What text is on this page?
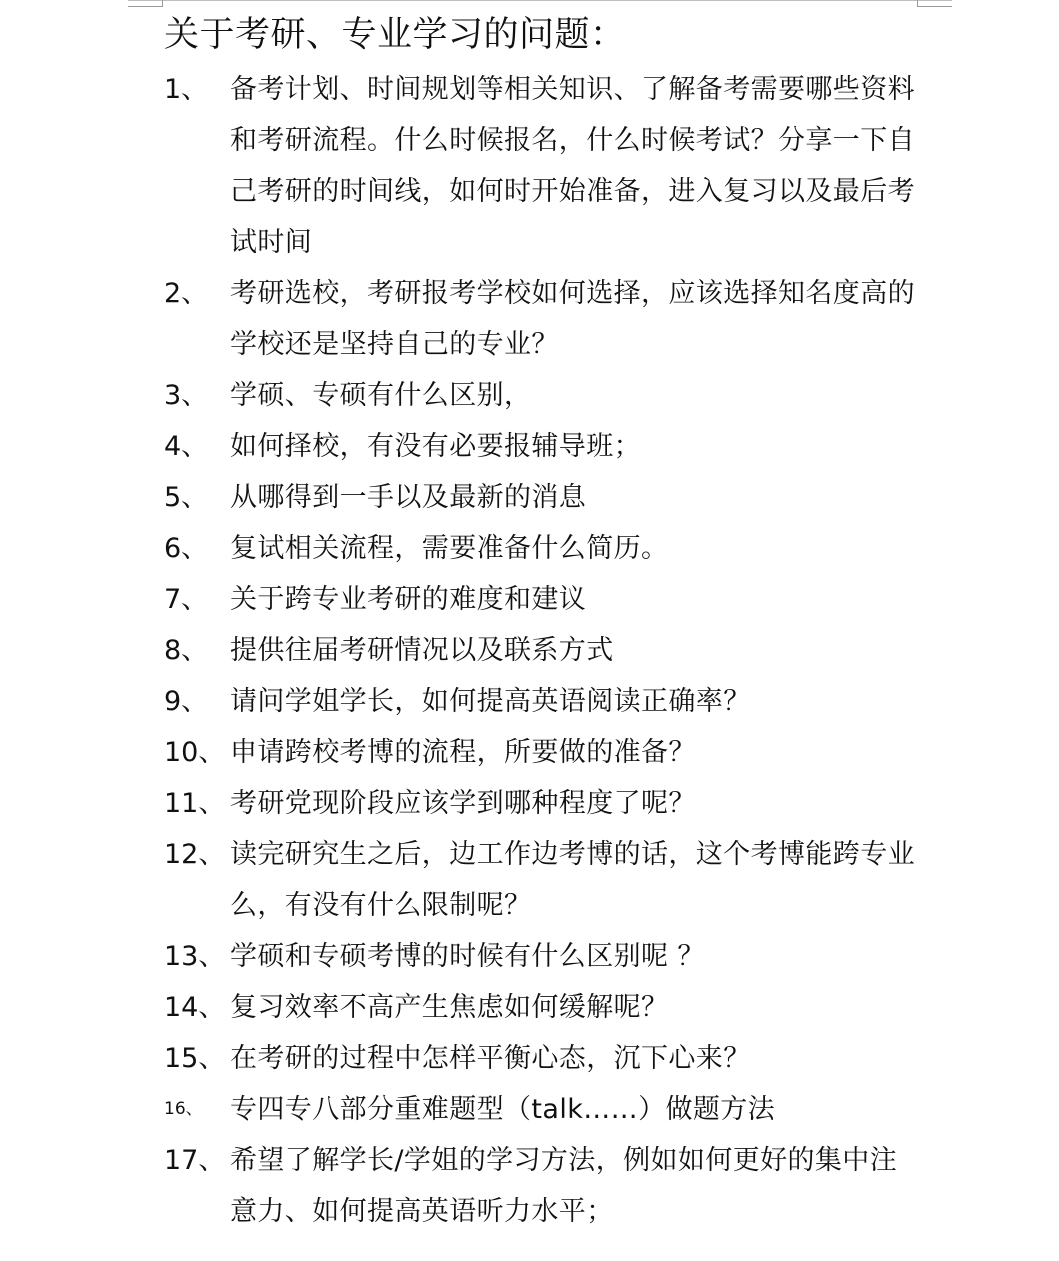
关于考研、专业学习的问题：
1、 备考计划、时间规划等相关知识、了解备考需要哪些资料和考研流程。什么时候报名，什么时候考试？分享一下自己考研的时间线，如何时开始准备，进入复习以及最后考试时间
2、 考研选校，考研报考学校如何选择，应该选择知名度高的学校还是坚持自己的专业？
3、 学硕、专硕有什么区别，
4、 如何择校，有没有必要报辅导班；
5、 从哪得到一手以及最新的消息
6、 复试相关流程，需要准备什么简历。
7、 关于跨专业考研的难度和建议
8、 提供往届考研情况以及联系方式
9、 请问学姐学长，如何提高英语阅读正确率？
10、 申请跨校考博的流程，所要做的准备？
11、 考研党现阶段应该学到哪种程度了呢？
12、 读完研究生之后，边工作边考博的话，这个考博能跨专业么，有没有什么限制呢？
13、 学硕和专硕考博的时候有什么区别呢 ？
14、 复习效率不高产生焦虑如何缓解呢？
15、 在考研的过程中怎样平衡心态，沉下心来？
16、	专四专八部分重难题型（talk……）做题方法
17、 希望了解学长/学姐的学习方法，例如如何更好的集中注意力、如何提高英语听力水平；
